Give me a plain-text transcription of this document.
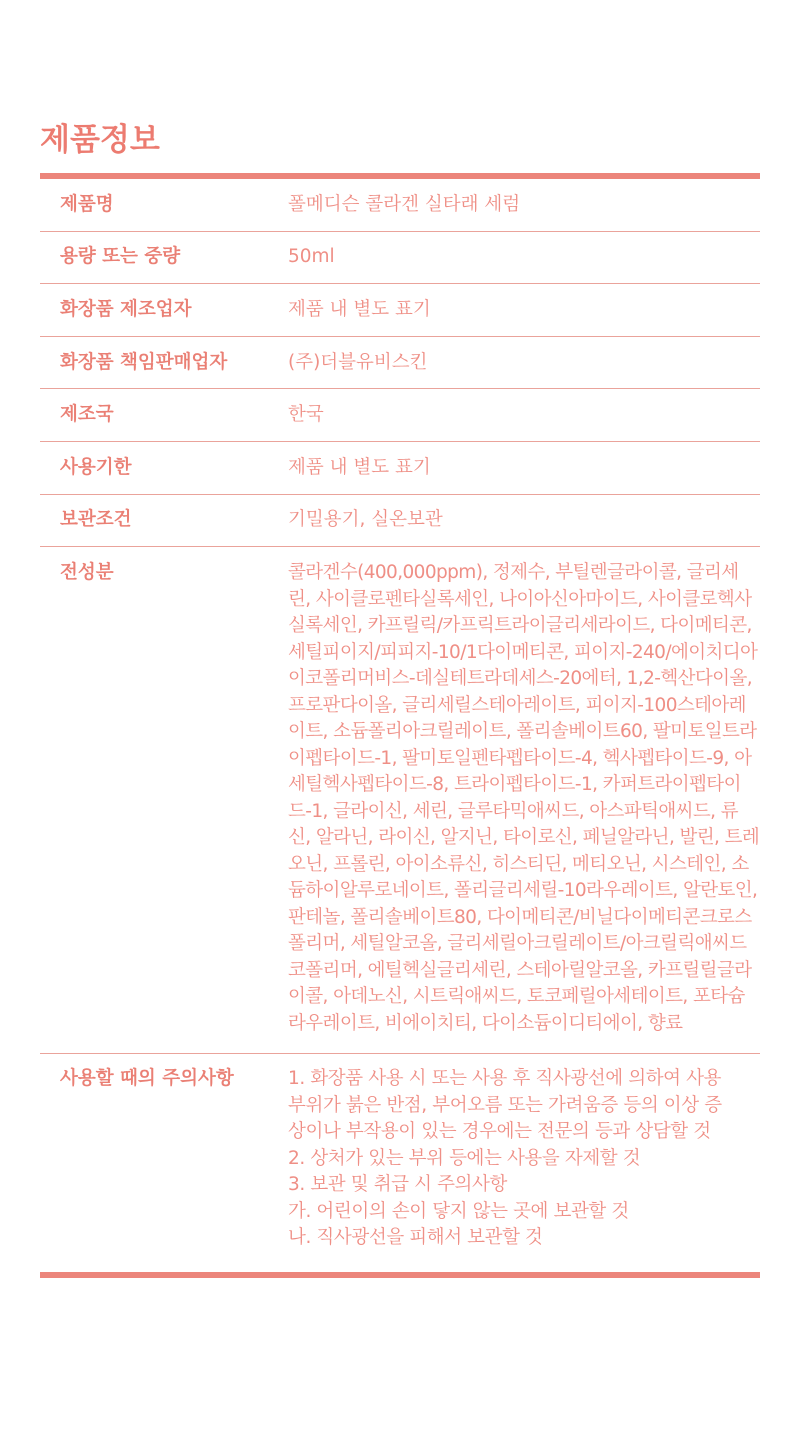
제품정보
제품명	폴메디슨 콜라겐 실타래 세럼
용량 또는 중량	50ml
화장품 제조업자	제품 내 별도 표기
화장품 책임판매업자	(주)더블유비스킨
제조국	한국
사용기한	제품 내 별도 표기
보관조건	기밀용기, 실온보관
전성분	콜라겐수(400,000ppm), 정제수, 부틸렌글라이콜, 글리세린, 사이클로펜타실록세인, 나이아신아마이드, 사이클로헥사실록세인, 카프릴릭/카프릭트라이글리세라이드, 다이메티콘, 세틸피이지/피피지-10/1다이메티콘, 피이지-240/에이치디아이코폴리머비스-데실테트라데세스-20에터, 1,2-헥산다이올, 프로판다이올, 글리세릴스테아레이트, 피이지-100스테아레이트, 소듐폴리아크릴레이트, 폴리솔베이트60, 팔미토일트라이펩타이드-1, 팔미토일펜타펩타이드-4, 헥사펩타이드-9, 아세틸헥사펩타이드-8, 트라이펩타이드-1, 카퍼트라이펩타이드-1, 글라이신, 세린, 글루타믹애씨드, 아스파틱애씨드, 류신, 알라닌, 라이신, 알지닌, 타이로신, 페닐알라닌, 발린, 트레오닌, 프롤린, 아이소류신, 히스티딘, 메티오닌, 시스테인, 소듐하이알루로네이트, 폴리글리세릴-10라우레이트, 알란토인, 판테놀, 폴리솔베이트80, 다이메티콘/비닐다이메티콘크로스폴리머, 세틸알코올, 글리세릴아크릴레이트/아크릴릭애씨드코폴리머, 에틸헥실글리세린, 스테아릴알코올, 카프릴릴글라이콜, 아데노신, 시트릭애씨드, 토코페릴아세테이트, 포타슘라우레이트, 비에이치티, 다이소듐이디티에이, 향료
사용할 때의 주의사항	1. 화장품 사용 시 또는 사용 후 직사광선에 의하여 사용
부위가 붉은 반점, 부어오름 또는 가려움증 등의 이상 증
상이나 부작용이 있는 경우에는 전문의 등과 상담할 것
2. 상처가 있는 부위 등에는 사용을 자제할 것
3. 보관 및 취급 시 주의사항
가. 어린이의 손이 닿지 않는 곳에 보관할 것
나. 직사광선을 피해서 보관할 것
